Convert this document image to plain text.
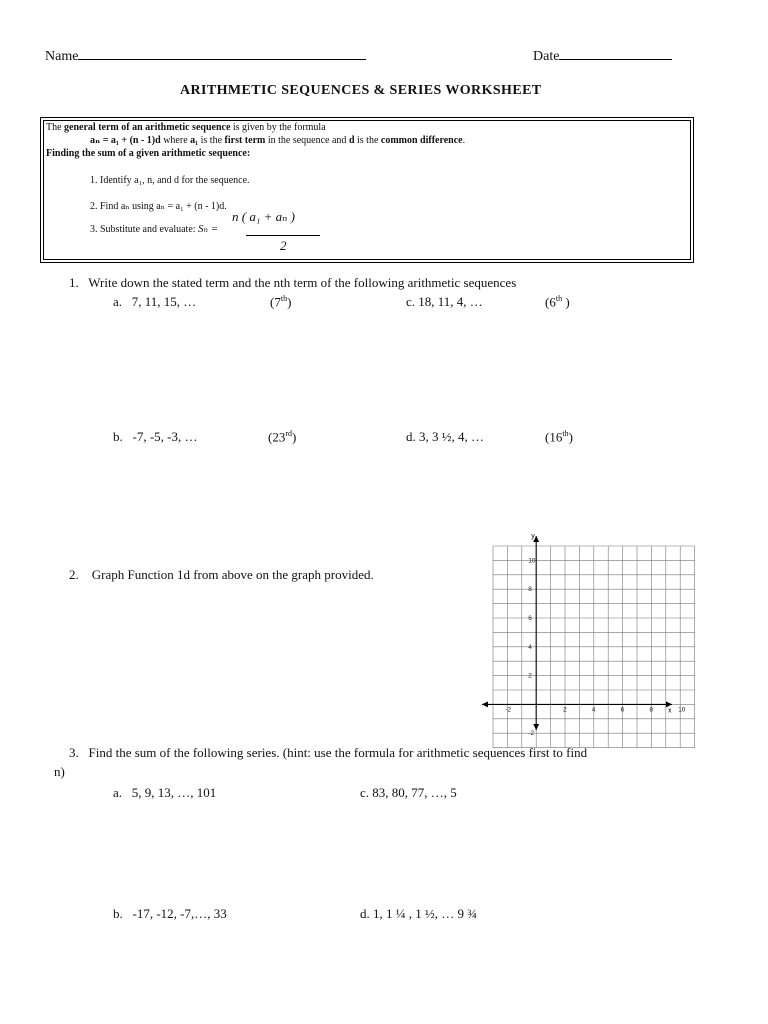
Name	Date
ARITHMETIC SEQUENCES & SERIES WORKSHEET
The general term of an arithmetic sequence is given by the formula
aₙ = a₁ + (n - 1)d where a₁ is the first term in the sequence and d is the common difference.
Finding the sum of a given arithmetic sequence:
1. Identify a₁, n, and d for the sequence.
2. Find aₙ using aₙ = a₁ + (n - 1)d.
3. Substitute and evaluate: Sₙ =
n ( a₁ + aₙ )
2
1. Write down the stated term and the nth term of the following arithmetic sequences
a. 7, 11, 15, …	(7th)	c. 18, 11, 4, …	(6th )
b. -7, -5, -3, …	(23rd)	d. 3, 3 ½, 4, …	(16th)
2. Graph Function 1d from above on the graph provided.
-2	2	4	6	8	10
10
8
6
4
2
-2
x
y
3. Find the sum of the following series. (hint: use the formula for arithmetic sequences first to find
n)
a. 5, 9, 13, …, 101	c. 83, 80, 77, …, 5
b. -17, -12, -7,…, 33	d. 1, 1 ¼ , 1 ½, … 9 ¾
